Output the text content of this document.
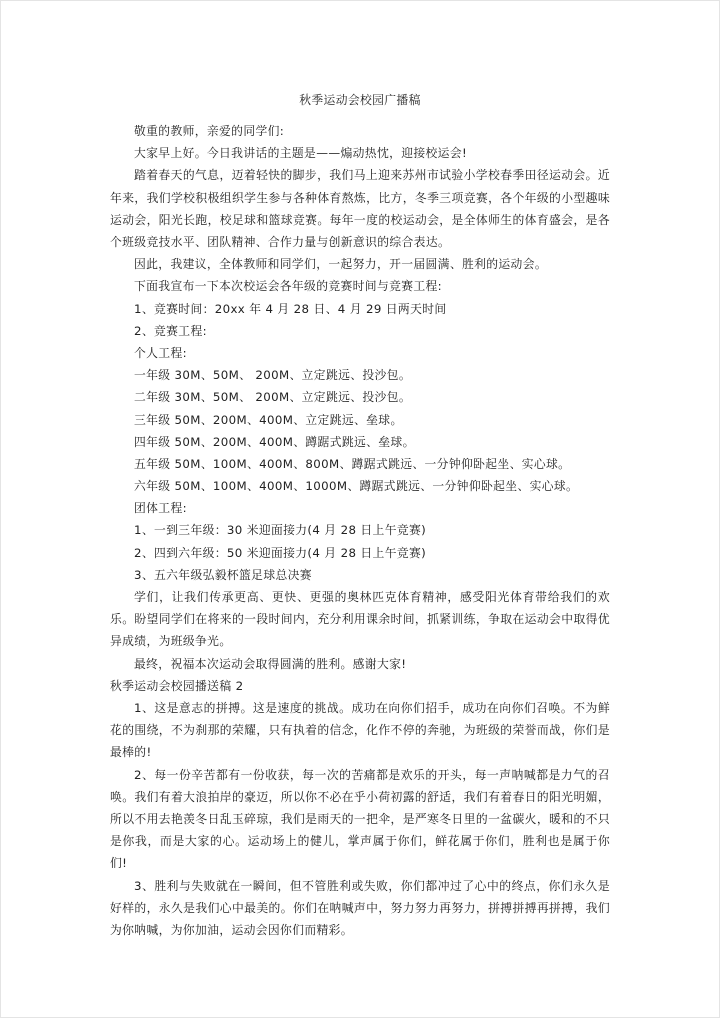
秋季运动会校园广播稿

敬重的教师，亲爱的同学们:

大家早上好。今日我讲话的主题是——煽动热忱，迎接校运会!

踏着春天的气息，迈着轻快的脚步，我们马上迎来苏州市试验小学校春季田径运动会。近年来，我们学校积极组织学生参与各种体育熬炼，比方，冬季三项竞赛，各个年级的小型趣味运动会，阳光长跑，校足球和篮球竞赛。每年一度的校运动会，是全体师生的体育盛会，是各个班级竞技水平、团队精神、合作力量与创新意识的综合表达。

因此，我建议，全体教师和同学们，一起努力，开一届圆满、胜利的运动会。

下面我宣布一下本次校运会各年级的竞赛时间与竞赛工程:

1、竞赛时间：20xx 年 4 月 28 日、4 月 29 日两天时间

2、竞赛工程:

个人工程:

一年级 30M、50M、 200M、立定跳远、投沙包。

二年级 30M、50M、 200M、立定跳远、投沙包。

三年级 50M、200M、400M、立定跳远、垒球。

四年级 50M、200M、400M、蹲踞式跳远、垒球。

五年级 50M、100M、400M、800M、蹲踞式跳远、一分钟仰卧起坐、实心球。

六年级 50M、100M、400M、1000M、蹲踞式跳远、一分钟仰卧起坐、实心球。

团体工程:

1、一到三年级：30 米迎面接力(4 月 28 日上午竞赛)

2、四到六年级：50 米迎面接力(4 月 28 日上午竞赛)

3、五六年级弘毅杯篮足球总决赛

学们，让我们传承更高、更快、更强的奥林匹克体育精神，感受阳光体育带给我们的欢乐。盼望同学们在将来的一段时间内，充分利用课余时间，抓紧训练，争取在运动会中取得优异成绩，为班级争光。

最终，祝福本次运动会取得圆满的胜利。感谢大家!

秋季运动会校园播送稿 2

1、这是意志的拼搏。这是速度的挑战。成功在向你们招手，成功在向你们召唤。不为鲜花的围绕，不为刹那的荣耀，只有执着的信念，化作不停的奔驰，为班级的荣誉而战，你们是最棒的!

2、每一份辛苦都有一份收获，每一次的苦痛都是欢乐的开头，每一声呐喊都是力气的召唤。我们有着大浪拍岸的豪迈，所以你不必在乎小荷初露的舒适，我们有着春日的阳光明媚，所以不用去艳羡冬日乱玉碎琼，我们是雨天的一把伞，是严寒冬日里的一盆碳火，暖和的不只是你我，而是大家的心。运动场上的健儿，掌声属于你们，鲜花属于你们，胜利也是属于你们!

3、胜利与失败就在一瞬间，但不管胜利或失败，你们都冲过了心中的终点，你们永久是好样的，永久是我们心中最美的。你们在呐喊声中，努力努力再努力，拼搏拼搏再拼搏，我们为你呐喊，为你加油，运动会因你们而精彩。
